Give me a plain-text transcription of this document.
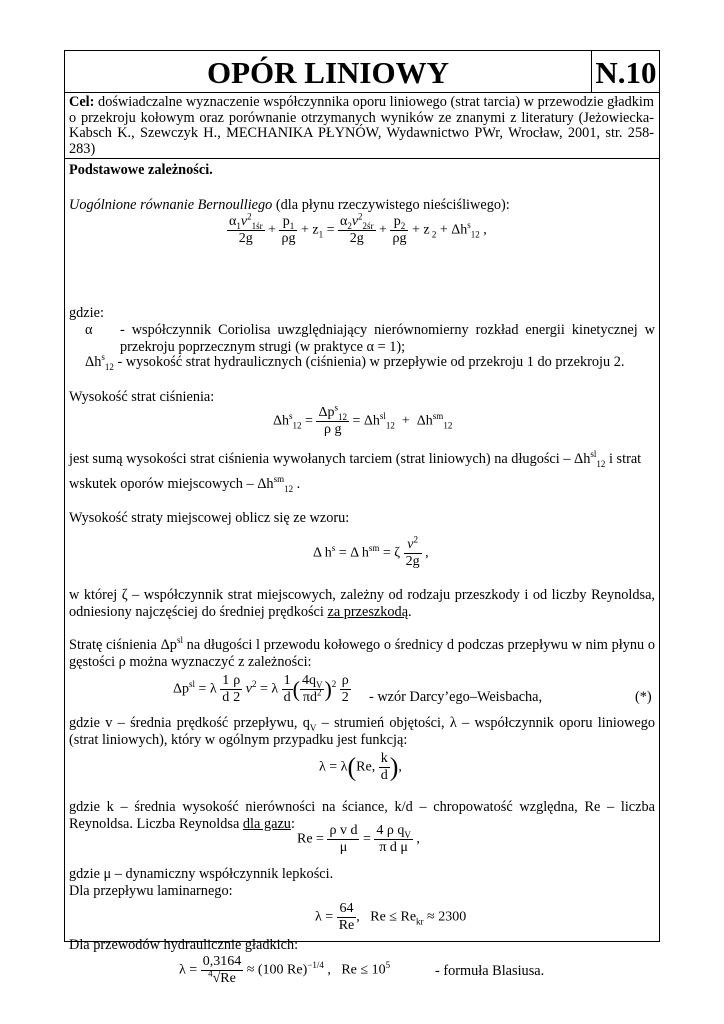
OPÓR LINIOWY	N.10

Cel: doświadczalne wyznaczenie współczynnika oporu liniowego (strat tarcia) w przewodzie gładkim o przekroju kołowym oraz porównanie otrzymanych wyników ze znanymi z literatury (Jeżowiecka-Kabsch K., Szewczyk H., MECHANIKA PŁYNÓW, Wydawnictwo PWr, Wrocław, 2001, str. 258-283)

Podstawowe zależności.
Uogólnione równanie Bernoulliego (dla płynu rzeczywistego nieściśliwego):
$\frac{\alpha_1v^2_{1śr}}{2g} + \frac{p_1}{\rho g} + z_1 = \frac{\alpha_2v^2_{2śr}}{2g} + \frac{p_2}{\rho g} + z$ $_2 + \Delta h^s_{12}$ ,
gdzie:
α	- współczynnik Coriolisa uwzględniający nierównomierny rozkład energii kinetycznej w przekroju poprzecznym strugi (w praktyce α = 1);
$\Delta h^s_{12}$ - wysokość strat hydraulicznych (ciśnienia) w przepływie od przekroju 1 do przekroju 2.
Wysokość strat ciśnienia:
$\Delta h^s_{12} = \frac{\Delta p^s_{12}}{\text{ρ g}} = \Delta h^{sl}_{12} + \Delta h^{sm}_{12}$
jest sumą wysokości strat ciśnienia wywołanych tarciem (strat liniowych) na długości – $\Delta h^{sl}_{12}$ i strat
wskutek oporów miejscowych – $\Delta h^{sm}_{12}$ .
Wysokość straty miejscowej oblicz się ze wzoru:
Δ $h^s = \Delta$ $h^{sm} = \zeta \frac{v^2}{2g}$ ,
w której ζ – współczynnik strat miejscowych, zależny od rodzaju przeszkody i od liczby Reynoldsa, odniesiony najczęściej do średniej prędkości za przeszkodą.
Stratę ciśnienia $\Delta p^{sl}$ na długości l przewodu kołowego o średnicy d podczas przepływu w nim płynu o gęstości ρ można wyznaczyć z zależności:
$\Delta p^{sl} = \lambda \frac{1}{d} \frac{\rho}{2} v^2 = \lambda \frac{1}{d}$ ( $\frac{4q_V}{\pi d^2} )^2 \frac{\rho}{2}$ - wzór Darcy’ego–Weisbacha,	(*)
gdzie v – średnia prędkość przepływu, $q_V$ – strumień objętości, λ – współczynnik oporu liniowego (strat liniowych), który w ogólnym przypadku jest funkcją:
λ = λ(Re, $\frac{k}{d}$ ),
gdzie k – średnia wysokość nierówności na ściance, k/d – chropowatość względna, Re – liczba Reynoldsa. Liczba Reynoldsa dla gazu:
$Re = \frac{\text{ρ v d}}{\mu} = \frac{4 \rho q_V}{\text{π d μ}}$ ,
gdzie μ – dynamiczny współczynnik lepkości.
Dla przepływu laminarnego:
$\lambda = \frac{64}{Re}$ ,   $Re \le Re_{kr} \approx 2300$
Dla przewodów hydraulicznie gładkich:
$\lambda = \frac{0,3164}{^4√Re} \approx (100$ Re)$^{-1/4}$ ,   $Re \le 10^5$	- formuła Blasiusa.
